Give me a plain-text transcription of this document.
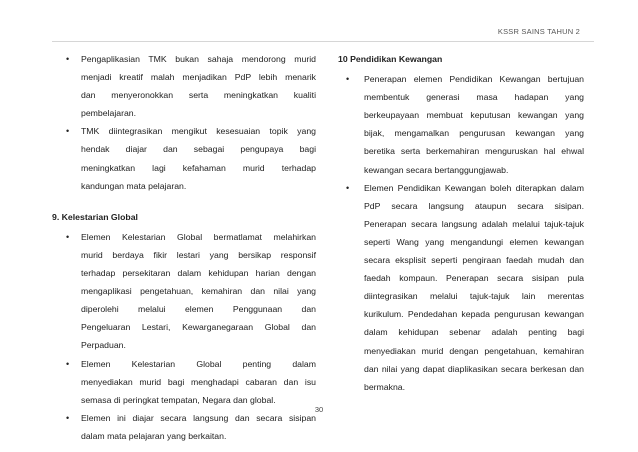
KSSR SAINS TAHUN 2
• Pengaplikasian TMK bukan sahaja mendorong murid
menjadi kreatif malah menjadikan PdP lebih menarik
dan menyeronokkan serta meningkatkan kualiti
pembelajaran.
• TMK diintegrasikan mengikut kesesuaian topik yang
hendak diajar dan sebagai pengupaya bagi
meningkatkan lagi kefahaman murid terhadap
kandungan mata pelajaran.
9. Kelestarian Global
• Elemen Kelestarian Global bermatlamat melahirkan
murid berdaya fikir lestari yang bersikap responsif
terhadap persekitaran dalam kehidupan harian dengan
mengaplikasi pengetahuan, kemahiran dan nilai yang
diperolehi melalui elemen Penggunaan dan
Pengeluaran Lestari, Kewarganegaraan Global dan
Perpaduan.
• Elemen Kelestarian Global penting dalam
menyediakan murid bagi menghadapi cabaran dan isu
semasa di peringkat tempatan, Negara dan global.
• Elemen ini diajar secara langsung dan secara sisipan
dalam mata pelajaran yang berkaitan.
10 Pendidikan Kewangan
• Penerapan elemen Pendidikan Kewangan bertujuan
membentuk generasi masa hadapan yang
berkeupayaan membuat keputusan kewangan yang
bijak, mengamalkan pengurusan kewangan yang
beretika serta berkemahiran menguruskan hal ehwal
kewangan secara bertanggungjawab.
• Elemen Pendidikan Kewangan boleh diterapkan dalam
PdP secara langsung ataupun secara sisipan.
Penerapan secara langsung adalah melalui tajuk-tajuk
seperti Wang yang mengandungi elemen kewangan
secara eksplisit seperti pengiraan faedah mudah dan
faedah kompaun. Penerapan secara sisipan pula
diintegrasikan melalui tajuk-tajuk lain merentas
kurikulum. Pendedahan kepada pengurusan kewangan
dalam kehidupan sebenar adalah penting bagi
menyediakan murid dengan pengetahuan, kemahiran
dan nilai yang dapat diaplikasikan secara berkesan dan
bermakna.
30
